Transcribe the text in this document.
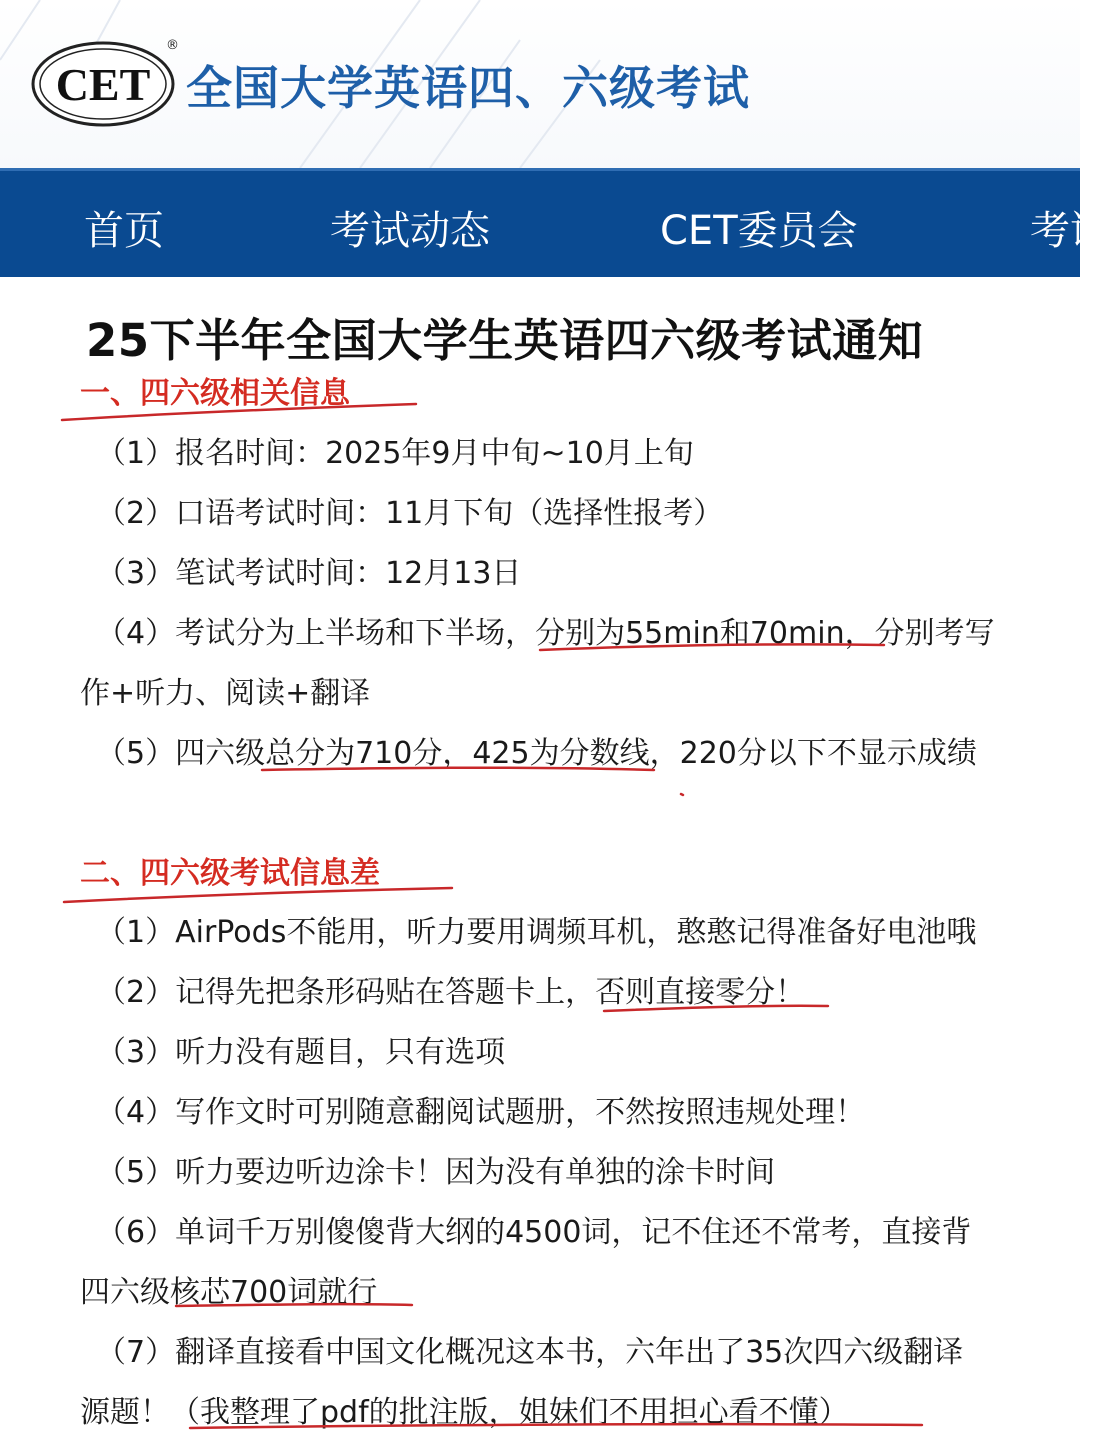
CET
®
全国大学英语四、六级考试
首页	考试动态	CET委员会	考试
25下半年全国大学生英语四六级考试通知
一、四六级相关信息
（1）报名时间：2025年9月中旬~10月上旬
（2）口语考试时间：11月下旬（选择性报考）
（3）笔试考试时间：12月13日
（4）考试分为上半场和下半场，分别为55min和70min，分别考写
作+听力、阅读+翻译
（5）四六级总分为710分，425为分数线，220分以下不显示成绩
二、四六级考试信息差
（1）AirPods不能用，听力要用调频耳机，憨憨记得准备好电池哦
（2）记得先把条形码贴在答题卡上，否则直接零分！
（3）听力没有题目，只有选项
（4）写作文时可别随意翻阅试题册，不然按照违规处理！
（5）听力要边听边涂卡！因为没有单独的涂卡时间
（6）单词千万别傻傻背大纲的4500词，记不住还不常考，直接背
四六级核芯700词就行
（7）翻译直接看中国文化概况这本书，六年出了35次四六级翻译
源题！（我整理了pdf的批注版，姐妹们不用担心看不懂）
